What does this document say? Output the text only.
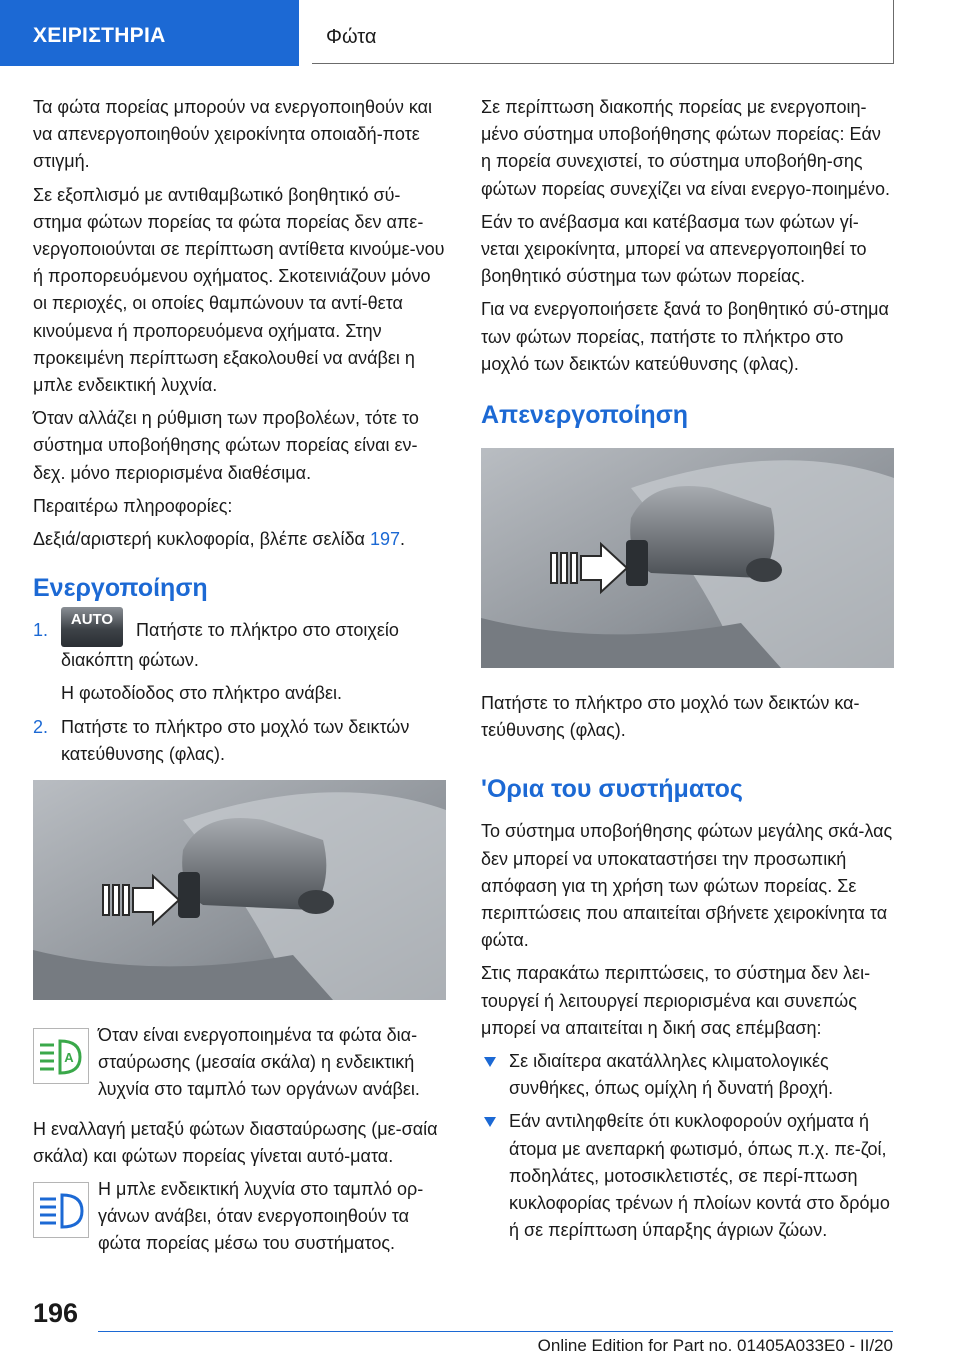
ΧΕΙΡΙΣΤΗΡΙΑ	Φώτα

Τα φώτα πορείας μπορούν να ενεργοποιηθούν και να απενεργοποιηθούν χειροκίνητα οποιαδή-ποτε στιγμή.

Σε εξοπλισμό με αντιθαμβωτικό βοηθητικό σύ-στημα φώτων πορείας τα φώτα πορείας δεν απε-νεργοποιούνται σε περίπτωση αντίθετα κινούμε-νου ή προπορευόμενου οχήματος. Σκοτεινιάζουν μόνο οι περιοχές, οι οποίες θαμπώνουν τα αντί-θετα κινούμενα ή προπορευόμενα οχήματα. Στην προκειμένη περίπτωση εξακολουθεί να ανάβει η μπλε ενδεικτική λυχνία.

Όταν αλλάζει η ρύθμιση των προβολέων, τότε το σύστημα υποβοήθησης φώτων πορείας είναι εν-δεχ. μόνο περιορισμένα διαθέσιμα.

Περαιτέρω πληροφορίες:

Δεξιά/αριστερή κυκλοφορία, βλέπε σελίδα 197.

Ενεργοποίηση
1.
AUTO Πατήστε το πλήκτρο στο στοιχείο διακόπτη φώτων.
Η φωτοδίοδος στο πλήκτρο ανάβει.
2. Πατήστε το πλήκτρο στο μοχλό των δεικτών κατεύθυνσης (φλας).
A
Όταν είναι ενεργοποιημένα τα φώτα δια-σταύρωσης (μεσαία σκάλα) η ενδεικτική λυχνία στο ταμπλό των οργάνων ανάβει.

Η εναλλαγή μεταξύ φώτων διασταύρωσης (με-σαία σκάλα) και φώτων πορείας γίνεται αυτό-ματα.

Η μπλε ενδεικτική λυχνία στο ταμπλό ορ-γάνων ανάβει, όταν ενεργοποιηθούν τα φώτα πορείας μέσω του συστήματος.

Σε περίπτωση διακοπής πορείας με ενεργοποιη-μένο σύστημα υποβοήθησης φώτων πορείας: Εάν η πορεία συνεχιστεί, το σύστημα υποβοήθη-σης φώτων πορείας συνεχίζει να είναι ενεργο-ποιημένο.

Εάν το ανέβασμα και κατέβασμα των φώτων γί-νεται χειροκίνητα, μπορεί να απενεργοποιηθεί το βοηθητικό σύστημα των φώτων πορείας.

Για να ενεργοποιήσετε ξανά το βοηθητικό σύ-στημα των φώτων πορείας, πατήστε το πλήκτρο στο μοχλό των δεικτών κατεύθυνσης (φλας).

Απενεργοποίηση

Πατήστε το πλήκτρο στο μοχλό των δεικτών κα-τεύθυνσης (φλας).

'Ορια του συστήματος

Το σύστημα υποβοήθησης φώτων μεγάλης σκά-λας δεν μπορεί να υποκαταστήσει την προσωπική απόφαση για τη χρήση των φώτων πορείας. Σε περιπτώσεις που απαιτείται σβήνετε χειροκίνητα τα φώτα.

Στις παρακάτω περιπτώσεις, το σύστημα δεν λει-τουργεί ή λειτουργεί περιορισμένα και συνεπώς μπορεί να απαιτείται η δική σας επέμβαση:

Σε ιδιαίτερα ακατάλληλες κλιματολογικές συνθήκες, όπως ομίχλη ή δυνατή βροχή.
Εάν αντιληφθείτε ότι κυκλοφορούν οχήματα ή άτομα με ανεπαρκή φωτισμό, όπως π.χ. πε-ζοί, ποδηλάτες, μοτοσικλετιστές, σε περί-πτωση κυκλοφορίας τρένων ή πλοίων κοντά στο δρόμο ή σε περίπτωση ύπαρξης άγριων ζώων.
196
Online Edition for Part no. 01405A033E0 - II/20
